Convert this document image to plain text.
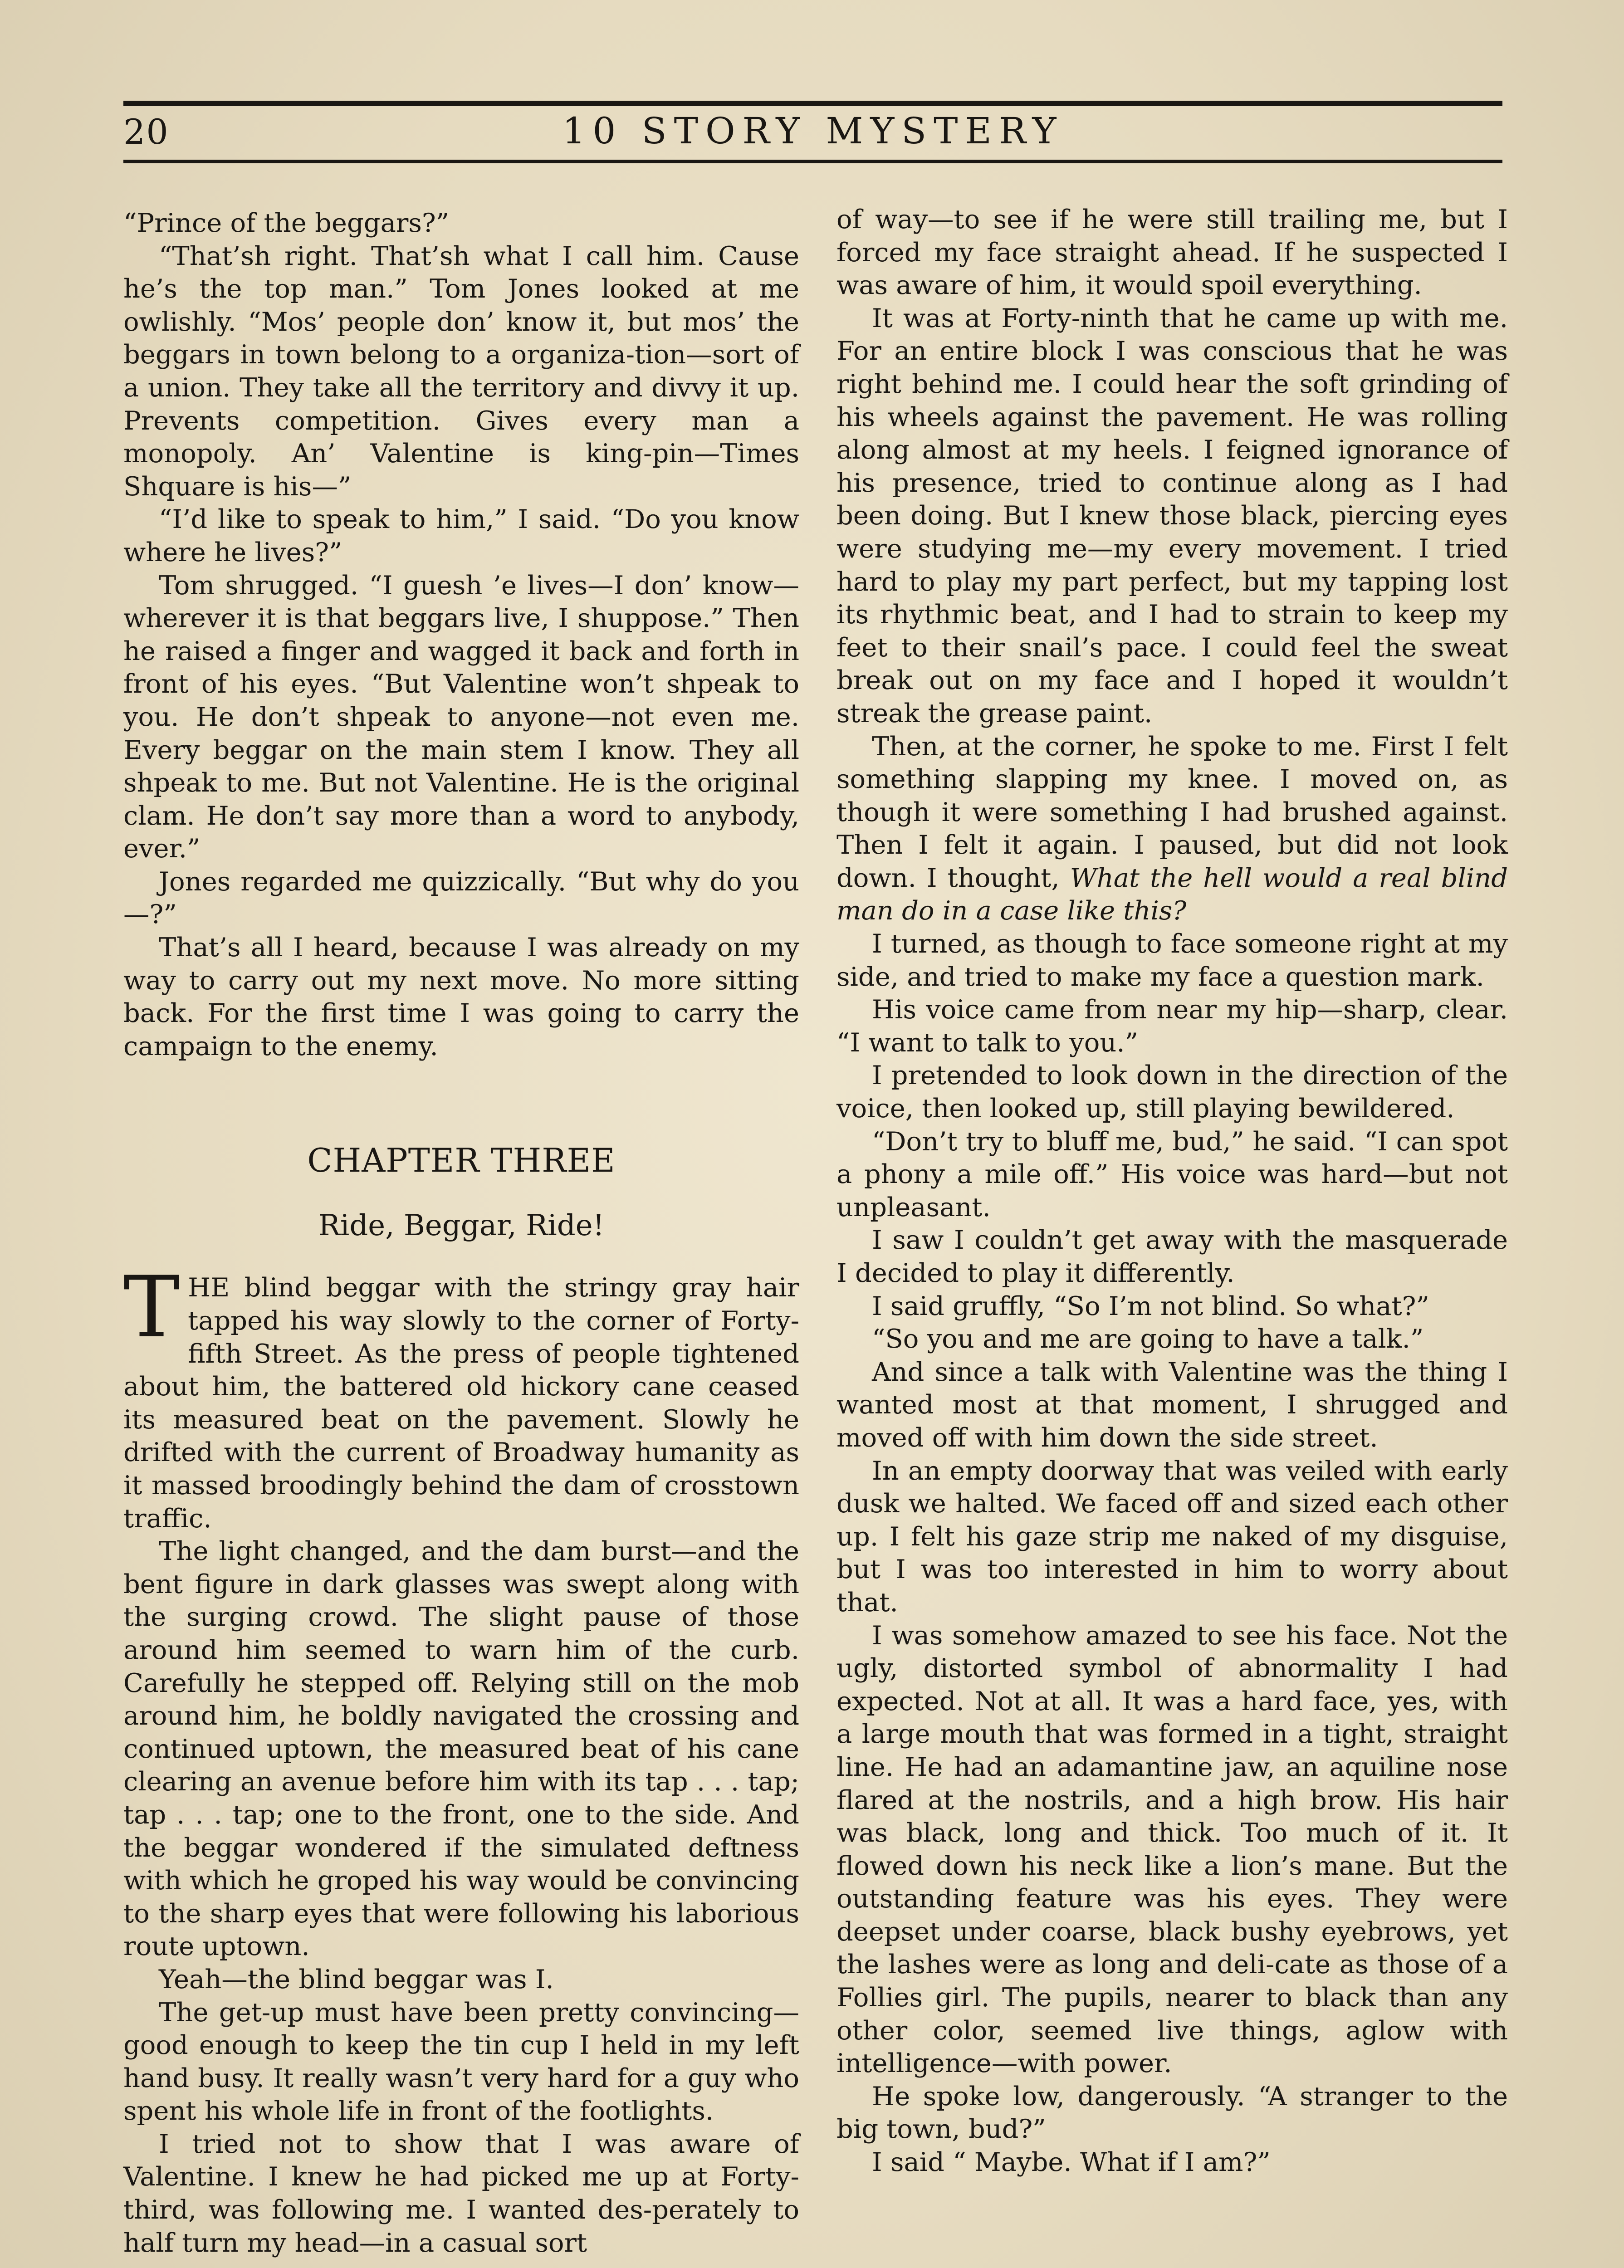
20	10 STORY MYSTERY

“Prince of the beggars?”

“That’sh right. That’sh what I call him. Cause he’s the top man.” Tom Jones looked at me owlishly. “Mos’ people don’ know it, but mos’ the beggars in town belong to a organiza-tion—sort of a union. They take all the territory and divvy it up. Prevents competition. Gives every man a monopoly. An’ Valentine is king-pin—Times Shquare is his—”

“I’d like to speak to him,” I said. “Do you know where he lives?”

Tom shrugged. “I guesh ’e lives—I don’ know—wherever it is that beggars live, I shuppose.” Then he raised a finger and wagged it back and forth in front of his eyes. “But Valentine won’t shpeak to you. He don’t shpeak to anyone—not even me. Every beggar on the main stem I know. They all shpeak to me. But not Valentine. He is the original clam. He don’t say more than a word to anybody, ever.”

Jones regarded me quizzically. “But why do you—?”

That’s all I heard, because I was already on my way to carry out my next move. No more sitting back. For the first time I was going to carry the campaign to the enemy.

CHAPTER THREE

Ride, Beggar, Ride!

THE blind beggar with the stringy gray hair tapped his way slowly to the corner of Forty-fifth Street. As the press of people tightened about him, the battered old hickory cane ceased its measured beat on the pavement. Slowly he drifted with the current of Broadway humanity as it massed broodingly behind the dam of crosstown traffic.

The light changed, and the dam burst—and the bent figure in dark glasses was swept along with the surging crowd. The slight pause of those around him seemed to warn him of the curb. Carefully he stepped off. Relying still on the mob around him, he boldly navigated the crossing and continued uptown, the measured beat of his cane clearing an avenue before him with its tap . . . tap; tap . . . tap; one to the front, one to the side. And the beggar wondered if the simulated deftness with which he groped his way would be convincing to the sharp eyes that were following his laborious route uptown.

Yeah—the blind beggar was I.

The get-up must have been pretty convincing—good enough to keep the tin cup I held in my left hand busy. It really wasn’t very hard for a guy who spent his whole life in front of the footlights.

I tried not to show that I was aware of Valentine. I knew he had picked me up at Forty-third, was following me. I wanted des-perately to half turn my head—in a casual sort

of way—to see if he were still trailing me, but I forced my face straight ahead. If he suspected I was aware of him, it would spoil everything.

It was at Forty-ninth that he came up with me. For an entire block I was conscious that he was right behind me. I could hear the soft grinding of his wheels against the pavement. He was rolling along almost at my heels. I feigned ignorance of his presence, tried to continue along as I had been doing. But I knew those black, piercing eyes were studying me—my every movement. I tried hard to play my part perfect, but my tapping lost its rhythmic beat, and I had to strain to keep my feet to their snail’s pace. I could feel the sweat break out on my face and I hoped it wouldn’t streak the grease paint.

Then, at the corner, he spoke to me. First I felt something slapping my knee. I moved on, as though it were something I had brushed against. Then I felt it again. I paused, but did not look down. I thought, What the hell would a real blind man do in a case like this?

I turned, as though to face someone right at my side, and tried to make my face a question mark.

His voice came from near my hip—sharp, clear. “I want to talk to you.”

I pretended to look down in the direction of the voice, then looked up, still playing bewildered.

“Don’t try to bluff me, bud,” he said. “I can spot a phony a mile off.” His voice was hard—but not unpleasant.

I saw I couldn’t get away with the masquerade I decided to play it differently.

I said gruffly, “So I’m not blind. So what?”

“So you and me are going to have a talk.”

And since a talk with Valentine was the thing I wanted most at that moment, I shrugged and moved off with him down the side street.

In an empty doorway that was veiled with early dusk we halted. We faced off and sized each other up. I felt his gaze strip me naked of my disguise, but I was too interested in him to worry about that.

I was somehow amazed to see his face. Not the ugly, distorted symbol of abnormality I had expected. Not at all. It was a hard face, yes, with a large mouth that was formed in a tight, straight line. He had an adamantine jaw, an aquiline nose flared at the nostrils, and a high brow. His hair was black, long and thick. Too much of it. It flowed down his neck like a lion’s mane. But the outstanding feature was his eyes. They were deepset under coarse, black bushy eyebrows, yet the lashes were as long and deli-cate as those of a Follies girl. The pupils, nearer to black than any other color, seemed live things, aglow with intelligence—with power.

He spoke low, dangerously. “A stranger to the big town, bud?”

I said “ Maybe. What if I am?”
